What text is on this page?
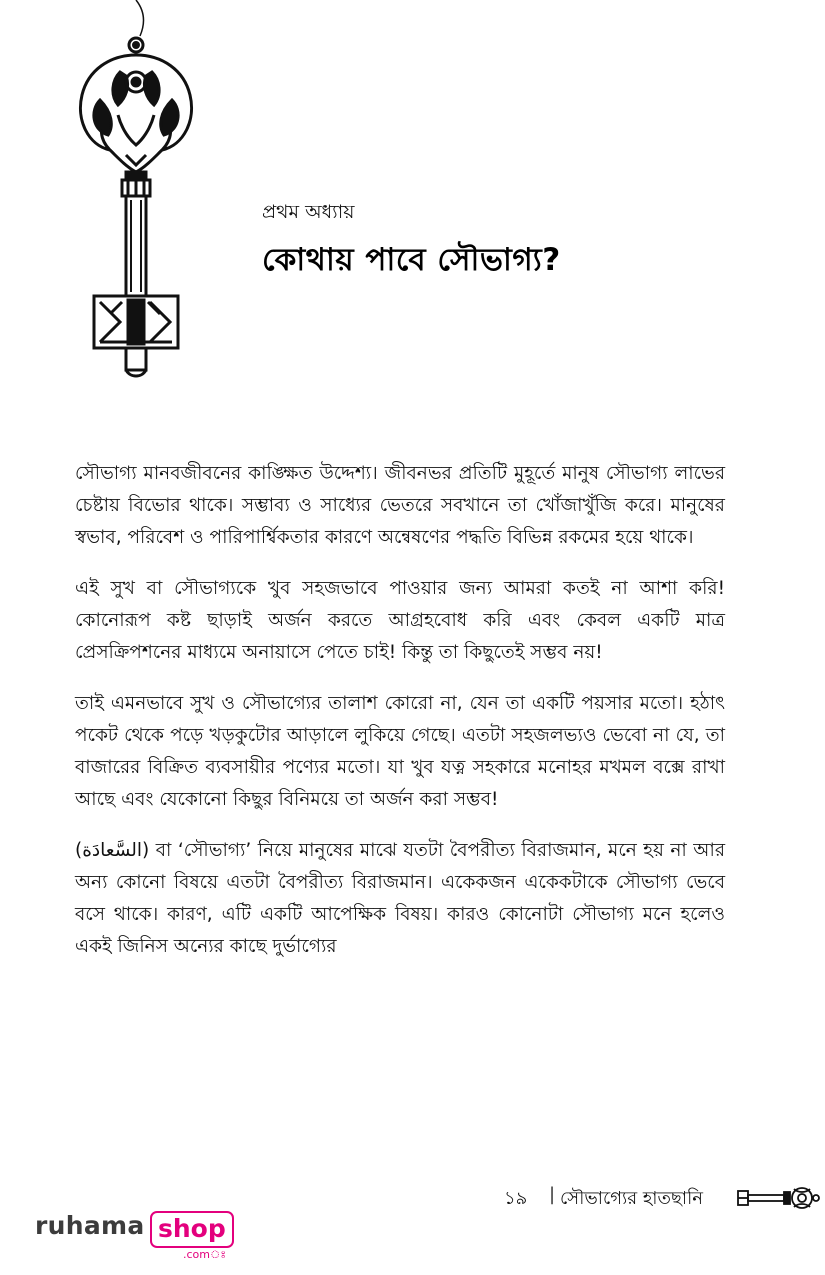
প্রথম অধ্যায়
কোথায় পাবে সৌভাগ্য?

সৌভাগ্য মানবজীবনের কাঙ্ক্ষিত উদ্দেশ্য। জীবনভর প্রতিটি মুহূর্তে মানুষ সৌভাগ্য লাভের চেষ্টায় বিভোর থাকে। সম্ভাব্য ও সাধ্যের ভেতরে সবখানে তা খোঁজাখুঁজি করে। মানুষের স্বভাব, পরিবেশ ও পারিপার্শ্বিকতার কারণে অন্বেষণের পদ্ধতি বিভিন্ন রকমের হয়ে থাকে।

এই সুখ বা সৌভাগ্যকে খুব সহজভাবে পাওয়ার জন্য আমরা কতই না আশা করি! কোনোরূপ কষ্ট ছাড়াই অর্জন করতে আগ্রহবোধ করি এবং কেবল একটি মাত্র প্রেসক্রিপশনের মাধ্যমে অনায়াসে পেতে চাই! কিন্তু তা কিছুতেই সম্ভব নয়!

তাই এমনভাবে সুখ ও সৌভাগ্যের তালাশ কোরো না, যেন তা একটি পয়সার মতো। হঠাৎ পকেট থেকে পড়ে খড়কুটোর আড়ালে লুকিয়ে গেছে। এতটা সহজলভ্যও ভেবো না যে, তা বাজারের বিক্রিত ব্যবসায়ীর পণ্যের মতো। যা খুব যত্ন সহকারে মনোহর মখমল বক্সে রাখা আছে এবং যেকোনো কিছুর বিনিময়ে তা অর্জন করা সম্ভব!

(السَّعادَة) বা ‘সৌভাগ্য’ নিয়ে মানুষের মাঝে যতটা বৈপরীত্য বিরাজমান, মনে হয় না আর অন্য কোনো বিষয়ে এতটা বৈপরীত্য বিরাজমান। একেকজন একেকটাকে সৌভাগ্য ভেবে বসে থাকে। কারণ, এটি একটি আপেক্ষিক বিষয়। কারও কোনোটা সৌভাগ্য মনে হলেও একই জিনিস অন্যের কাছে দুর্ভাগ্যের

১৯ | সৌভাগ্যের হাতছানি
ruhama shop
.comঃ
